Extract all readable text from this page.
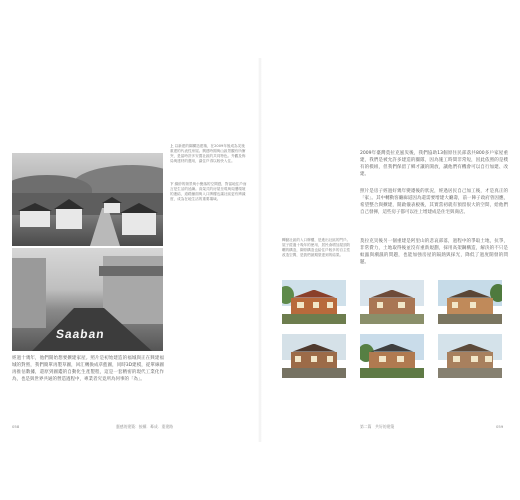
上以新建的鋼構造建築，在2009年後成為災後重建的代表性房屋。興建時期與山區景觀有所衝突，是當時許多安置社區的共同特色。外觀及佈局與建材的選用，讓住戶得以較快入住。
下繽紛的街景與小聚落的空間感，對當地住戶而言是生活的延續。高架式的房屋呈現與周遭環境的連結，道路鋪面與入口牌樓也讓社區更有辨識度，成為在地生活的重要場域。
Saaban
經過十幾年，他們開始想要擴建家屋。照片是初始建造的福城與正在興建福城的對照，我們簡單再製草圖，回汇轉換成草藍圖，同時3D建模，從單線圖再推估數據，還原到圖鑑的自動化生產製程，這是一套精密的現代工業化作為，也是與世界共通的營造過程中，專業者究竟所為何事的「為」。
058	靈感的建築：接續．牽成．重建路
2009年臺灣莫拉克風災後，我們協助13個原住民部落共800多戶家屋重建，我們是被允許多建造的團隊，因為施工時間非常短，因此依照的是樸有的模組，但我們保留了鄉才讓的開放，讓他們有機會可以自行加建、改建。
照片是房子經過好幾年變遷後的狀況，經過居民自己加工後，才是真正的「家」。其中轉動客廳廊道因為還需要增建大廳壽，前一陣子政府曾因應，希望整合與擴建，開啟儀表板後，其實當初就有預留很大的空間，給他們自己發揮，這些房子都可以往上增建成是住宅與商店。
轉動社區的入口牌樓，是進出社區的門戶。屋子經過十幾年的使用，居民會增加屋頂防曬的構造，鋼骨構造也給住戶較多的自主性改造空間，是我們最期望達到的結果。
莫拉克災後另一個重建是阿里山的悲哀部落，過程中的爭取土地，抗爭，非常費力，土地取得後並沒有重新規劃，採用高架鋼構造，解決的不只是蚊蟲與潮濕的問題，也能加強房屋的隔熱與採光，降低了過度開發的問題。
第二篇　共好的建築	059
